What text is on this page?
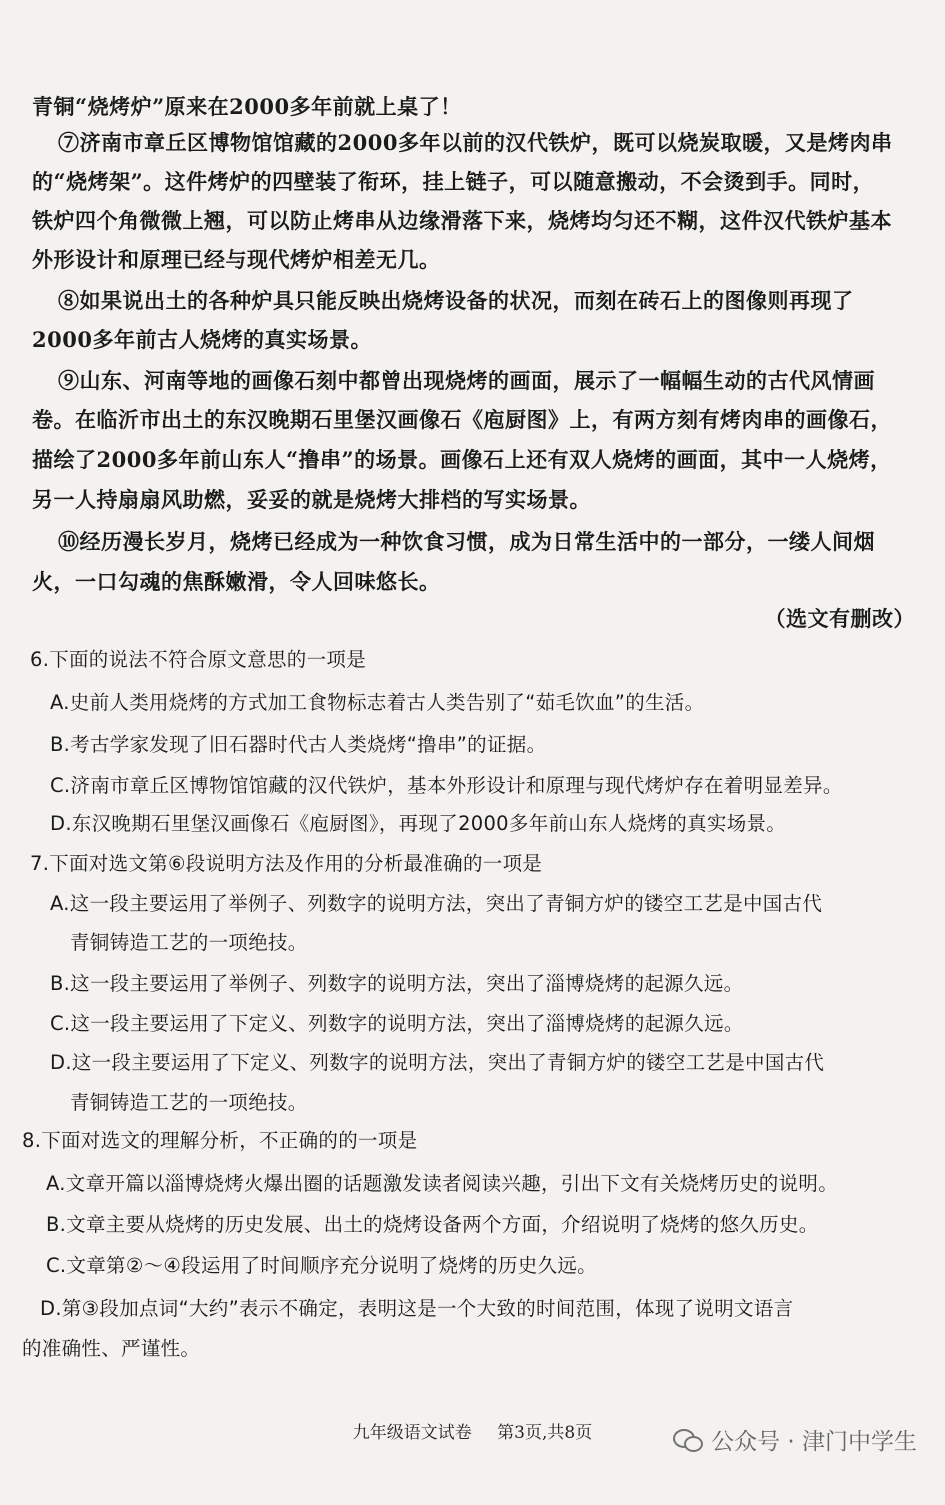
青铜“烧烤炉”原来在2000多年前就上桌了！
⑦济南市章丘区博物馆馆藏的2000多年以前的汉代铁炉，既可以烧炭取暖，又是烤肉串
的“烧烤架”。这件烤炉的四壁装了衔环，挂上链子，可以随意搬动，不会烫到手。同时，
铁炉四个角微微上翘，可以防止烤串从边缘滑落下来，烧烤均匀还不糊，这件汉代铁炉基本
外形设计和原理已经与现代烤炉相差无几。
⑧如果说出土的各种炉具只能反映出烧烤设备的状况，而刻在砖石上的图像则再现了
2000多年前古人烧烤的真实场景。
⑨山东、河南等地的画像石刻中都曾出现烧烤的画面，展示了一幅幅生动的古代风情画
卷。在临沂市出土的东汉晚期石里堡汉画像石《庖厨图》上，有两方刻有烤肉串的画像石，
描绘了2000多年前山东人“撸串”的场景。画像石上还有双人烧烤的画面，其中一人烧烤，
另一人持扇扇风助燃，妥妥的就是烧烤大排档的写实场景。
⑩经历漫长岁月，烧烤已经成为一种饮食习惯，成为日常生活中的一部分，一缕人间烟
火，一口勾魂的焦酥嫩滑，令人回味悠长。
（选文有删改）
6.下面的说法不符合原文意思的一项是
A.史前人类用烧烤的方式加工食物标志着古人类告别了“茹毛饮血”的生活。
B.考古学家发现了旧石器时代古人类烧烤“撸串”的证据。
C.济南市章丘区博物馆馆藏的汉代铁炉，基本外形设计和原理与现代烤炉存在着明显差异。
D.东汉晚期石里堡汉画像石《庖厨图》，再现了2000多年前山东人烧烤的真实场景。
7.下面对选文第⑥段说明方法及作用的分析最准确的一项是
A.这一段主要运用了举例子、列数字的说明方法，突出了青铜方炉的镂空工艺是中国古代
青铜铸造工艺的一项绝技。
B.这一段主要运用了举例子、列数字的说明方法，突出了淄博烧烤的起源久远。
C.这一段主要运用了下定义、列数字的说明方法，突出了淄博烧烤的起源久远。
D.这一段主要运用了下定义、列数字的说明方法，突出了青铜方炉的镂空工艺是中国古代
青铜铸造工艺的一项绝技。
8.下面对选文的理解分析，不正确的的一项是
A.文章开篇以淄博烧烤火爆出圈的话题激发读者阅读兴趣，引出下文有关烧烤历史的说明。
B.文章主要从烧烤的历史发展、出土的烧烤设备两个方面，介绍说明了烧烤的悠久历史。
C.文章第②～④段运用了时间顺序充分说明了烧烤的历史久远。
D.第③段加点词“大约”表示不确定，表明这是一个大致的时间范围，体现了说明文语言
的准确性、严谨性。
九年级语文试卷 第3页,共8页	公众号 · 津门中学生
